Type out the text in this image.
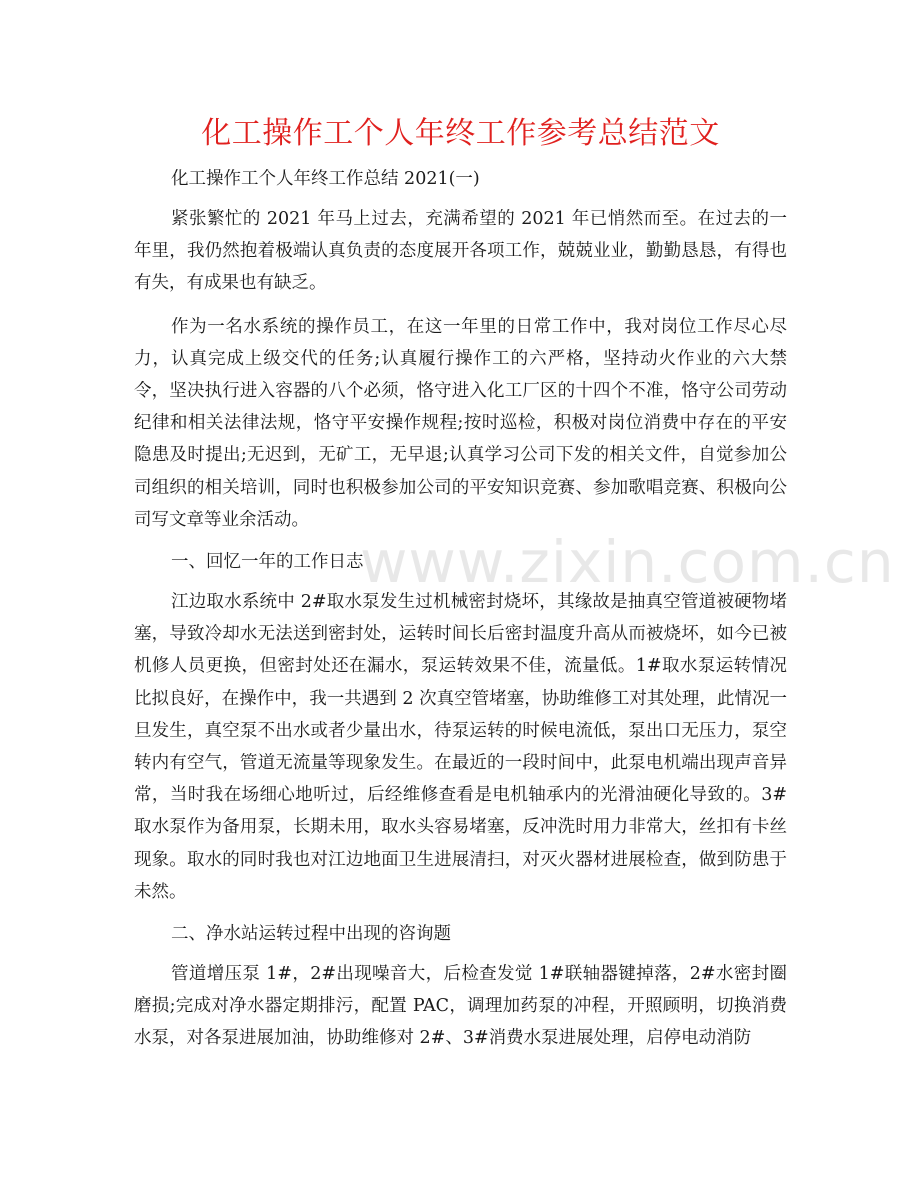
化工操作工个人年终工作参考总结范文

化工操作工个人年终工作总结 2021(一)

紧张繁忙的 2021 年马上过去，充满希望的 2021 年已悄然而至。在过去的一年里，我仍然抱着极端认真负责的态度展开各项工作，兢兢业业，勤勤恳恳，有得也有失，有成果也有缺乏。

作为一名水系统的操作员工，在这一年里的日常工作中，我对岗位工作尽心尽力，认真完成上级交代的任务;认真履行操作工的六严格，坚持动火作业的六大禁令，坚决执行进入容器的八个必须，恪守进入化工厂区的十四个不准，恪守公司劳动纪律和相关法律法规，恪守平安操作规程;按时巡检，积极对岗位消费中存在的平安隐患及时提出;无迟到，无矿工，无早退;认真学习公司下发的相关文件，自觉参加公司组织的相关培训，同时也积极参加公司的平安知识竞赛、参加歌唱竞赛、积极向公司写文章等业余活动。

一、回忆一年的工作日志

江边取水系统中 2#取水泵发生过机械密封烧坏，其缘故是抽真空管道被硬物堵塞，导致冷却水无法送到密封处，运转时间长后密封温度升高从而被烧坏，如今已被机修人员更换，但密封处还在漏水，泵运转效果不佳，流量低。1#取水泵运转情况比拟良好，在操作中，我一共遇到 2 次真空管堵塞，协助维修工对其处理，此情况一旦发生，真空泵不出水或者少量出水，待泵运转的时候电流低，泵出口无压力，泵空转内有空气，管道无流量等现象发生。在最近的一段时间中，此泵电机端出现声音异常，当时我在场细心地听过，后经维修查看是电机轴承内的光滑油硬化导致的。3#取水泵作为备用泵，长期未用，取水头容易堵塞，反冲洗时用力非常大，丝扣有卡丝现象。取水的同时我也对江边地面卫生进展清扫，对灭火器材进展检查，做到防患于未然。

二、净水站运转过程中出现的咨询题

管道增压泵 1#，2#出现噪音大，后检查发觉 1#联轴器键掉落，2#水密封圈磨损;完成对净水器定期排污，配置 PAC，调理加药泵的冲程，开照顾明，切换消费水泵，对各泵进展加油，协助维修对 2#、3#消费水泵进展处理，启停电动消防

www.zixin.com.cn
